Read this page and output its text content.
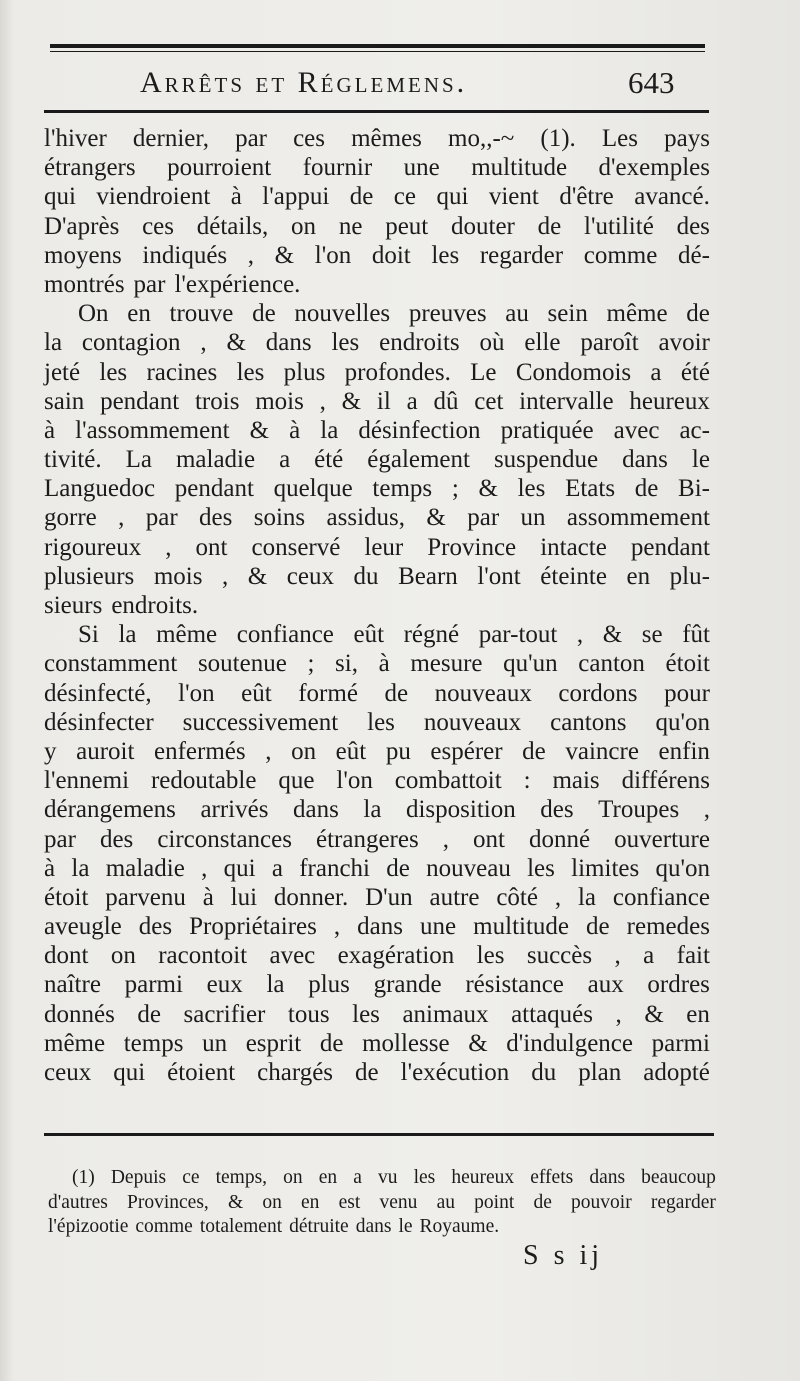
Arrêts et Réglemens.	643
l'hiver dernier, par ces mêmes mo,,-~ (1). Les pays
étrangers pourroient fournir une multitude d'exemples
qui viendroient à l'appui de ce qui vient d'être avancé.
D'après ces détails, on ne peut douter de l'utilité des
moyens indiqués , & l'on doit les regarder comme dé-
montrés par l'expérience.
On en trouve de nouvelles preuves au sein même de
la contagion , & dans les endroits où elle paroît avoir
jeté les racines les plus profondes. Le Condomois a été
sain pendant trois mois , & il a dû cet intervalle heureux
à l'assommement & à la désinfection pratiquée avec ac-
tivité. La maladie a été également suspendue dans le
Languedoc pendant quelque temps ; & les Etats de Bi-
gorre , par des soins assidus, & par un assommement
rigoureux , ont conservé leur Province intacte pendant
plusieurs mois , & ceux du Bearn l'ont éteinte en plu-
sieurs endroits.
Si la même confiance eût régné par-tout , & se fût
constamment soutenue ; si, à mesure qu'un canton étoit
désinfecté, l'on eût formé de nouveaux cordons pour
désinfecter successivement les nouveaux cantons qu'on
y auroit enfermés , on eût pu espérer de vaincre enfin
l'ennemi redoutable que l'on combattoit : mais différens
dérangemens arrivés dans la disposition des Troupes ,
par des circonstances étrangeres , ont donné ouverture
à la maladie , qui a franchi de nouveau les limites qu'on
étoit parvenu à lui donner. D'un autre côté , la confiance
aveugle des Propriétaires , dans une multitude de remedes
dont on racontoit avec exagération les succès , a fait
naître parmi eux la plus grande résistance aux ordres
donnés de sacrifier tous les animaux attaqués , & en
même temps un esprit de mollesse & d'indulgence parmi
ceux qui étoient chargés de l'exécution du plan adopté
(1) Depuis ce temps, on en a vu les heureux effets dans beaucoup
d'autres Provinces, & on en est venu au point de pouvoir regarder
l'épizootie comme totalement détruite dans le Royaume.
S s ij
